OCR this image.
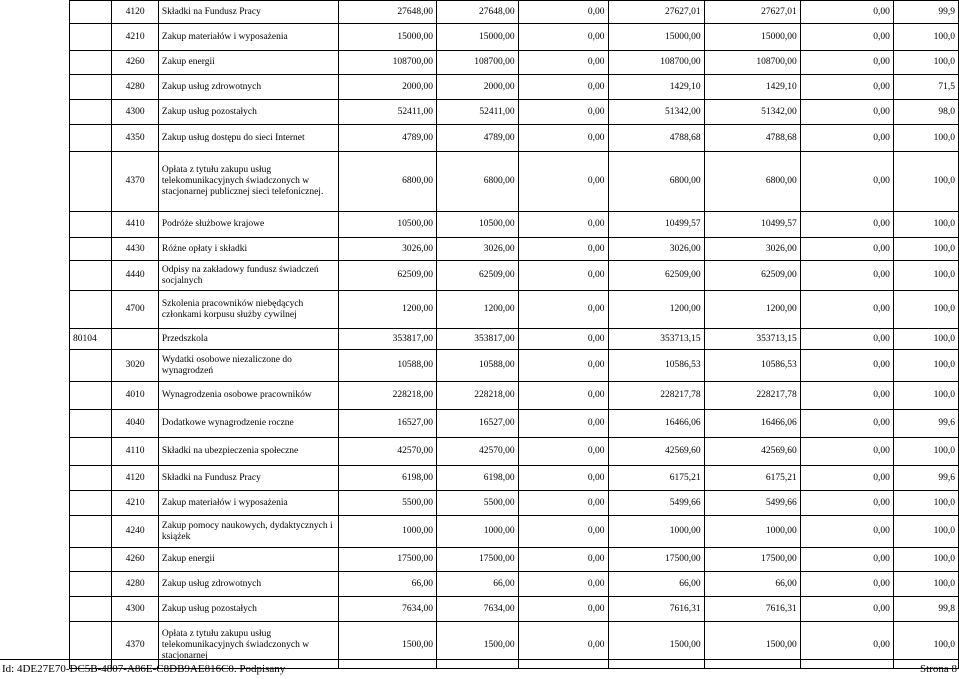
	4120	Składki na Fundusz Pracy	27648,00	27648,00	0,00	27627,01	27627,01	0,00	99,9
	4210	Zakup materiałów i wyposażenia	15000,00	15000,00	0,00	15000,00	15000,00	0,00	100,0
	4260	Zakup energii	108700,00	108700,00	0,00	108700,00	108700,00	0,00	100,0
	4280	Zakup usług zdrowotnych	2000,00	2000,00	0,00	1429,10	1429,10	0,00	71,5
	4300	Zakup usług pozostałych	52411,00	52411,00	0,00	51342,00	51342,00	0,00	98,0
	4350	Zakup usług dostępu do sieci Internet	4789,00	4789,00	0,00	4788,68	4788,68	0,00	100,0
	4370	Opłata z tytułu zakupu usług telekomunikacyjnych świadczonych w stacjonarnej publicznej sieci telefonicznej.	6800,00	6800,00	0,00	6800,00	6800,00	0,00	100,0
	4410	Podróże służbowe krajowe	10500,00	10500,00	0,00	10499,57	10499,57	0,00	100,0
	4430	Różne opłaty i składki	3026,00	3026,00	0,00	3026,00	3026,00	0,00	100,0
	4440	Odpisy na zakładowy fundusz świadczeń socjalnych	62509,00	62509,00	0,00	62509,00	62509,00	0,00	100,0
	4700	Szkolenia pracowników niebędących członkami korpusu służby cywilnej	1200,00	1200,00	0,00	1200,00	1200,00	0,00	100,0
80104		Przedszkola	353817,00	353817,00	0,00	353713,15	353713,15	0,00	100,0
	3020	Wydatki osobowe niezaliczone do wynagrodzeń	10588,00	10588,00	0,00	10586,53	10586,53	0,00	100,0
	4010	Wynagrodzenia osobowe pracowników	228218,00	228218,00	0,00	228217,78	228217,78	0,00	100,0
	4040	Dodatkowe wynagrodzenie roczne	16527,00	16527,00	0,00	16466,06	16466,06	0,00	99,6
	4110	Składki na ubezpieczenia społeczne	42570,00	42570,00	0,00	42569,60	42569,60	0,00	100,0
	4120	Składki na Fundusz Pracy	6198,00	6198,00	0,00	6175,21	6175,21	0,00	99,6
	4210	Zakup materiałów i wyposażenia	5500,00	5500,00	0,00	5499,66	5499,66	0,00	100,0
	4240	Zakup pomocy naukowych, dydaktycznych i książek	1000,00	1000,00	0,00	1000,00	1000,00	0,00	100,0
	4260	Zakup energii	17500,00	17500,00	0,00	17500,00	17500,00	0,00	100,0
	4280	Zakup usług zdrowotnych	66,00	66,00	0,00	66,00	66,00	0,00	100,0
	4300	Zakup usług pozostałych	7634,00	7634,00	0,00	7616,31	7616,31	0,00	99,8
	4370	Opłata z tytułu zakupu usług telekomunikacyjnych świadczonych w stacjonarnej	1500,00	1500,00	0,00	1500,00	1500,00	0,00	100,0
Id: 4DE27E70-DC5B-4807-A86E-C8DB9AE816C0. Podpisany	Strona 8
